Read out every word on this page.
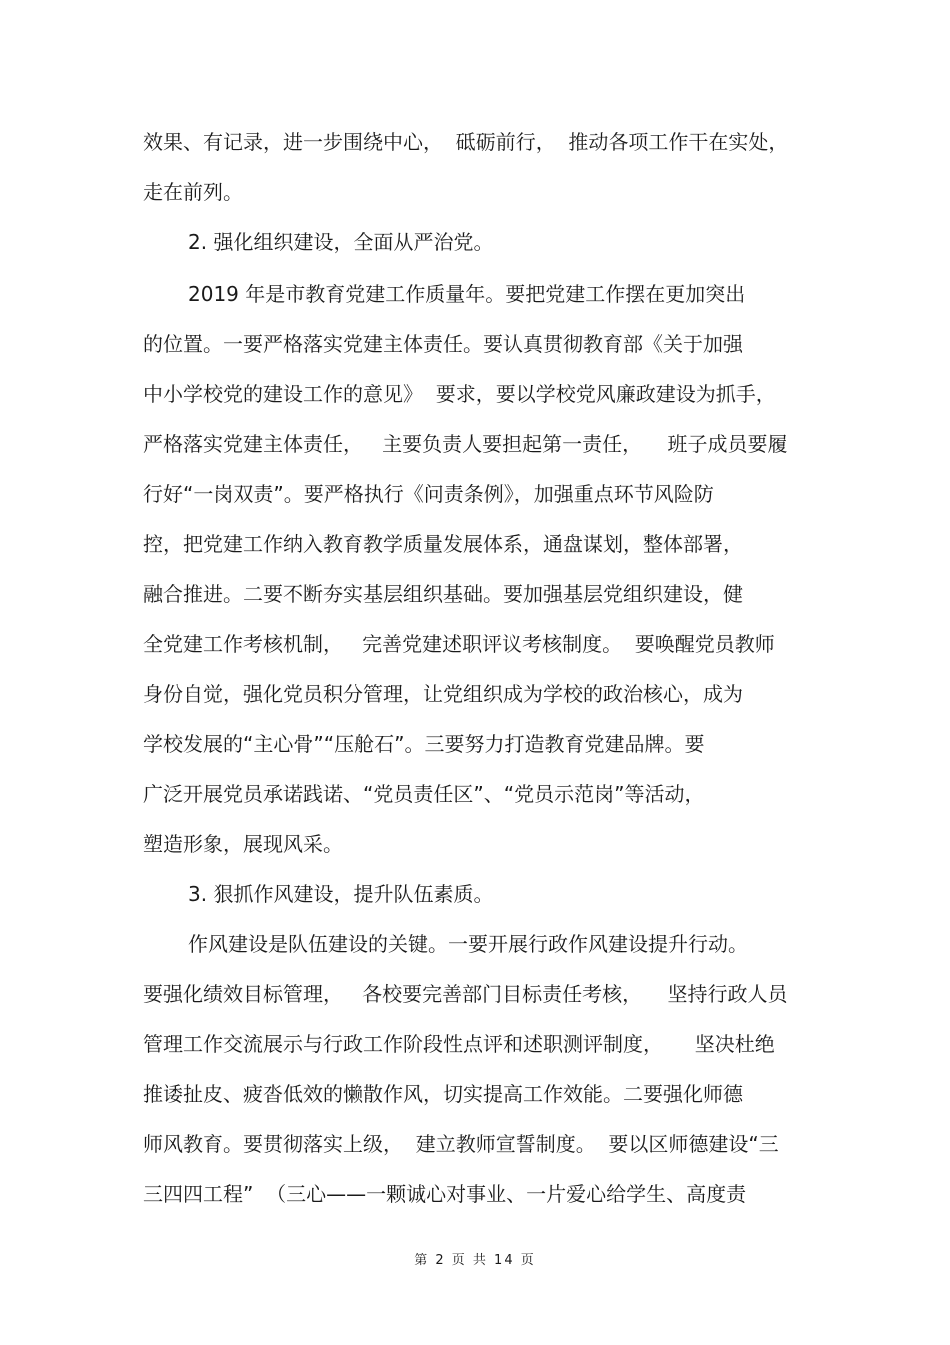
效果、有记录，进一步围绕中心，  砥砺前行，  推动各项工作干在实处，
走在前列。
2. 强化组织建设，全面从严治党。
2019 年是市教育党建工作质量年。要把党建工作摆在更加突出
的位置。一要严格落实党建主体责任。要认真贯彻教育部《关于加强
中小学校党的建设工作的意见》  要求，要以学校党风廉政建设为抓手，
严格落实党建主体责任，   主要负责人要担起第一责任，    班子成员要履
行好“一岗双责”。要严格执行《问责条例》，加强重点环节风险防
控，把党建工作纳入教育教学质量发展体系，通盘谋划，整体部署，
融合推进。二要不断夯实基层组织基础。要加强基层党组织建设，健
全党建工作考核机制，   完善党建述职评议考核制度。  要唤醒党员教师
身份自觉，强化党员积分管理，让党组织成为学校的政治核心，成为
学校发展的“主心骨”“压舱石”。三要努力打造教育党建品牌。要
广泛开展党员承诺践诺、“党员责任区”、“党员示范岗”等活动，
塑造形象，展现风采。
3. 狠抓作风建设，提升队伍素质。
作风建设是队伍建设的关键。一要开展行政作风建设提升行动。
要强化绩效目标管理，   各校要完善部门目标责任考核，    坚持行政人员
管理工作交流展示与行政工作阶段性点评和述职测评制度，     坚决杜绝
推诿扯皮、疲沓低效的懒散作风，切实提高工作效能。二要强化师德
师风教育。要贯彻落实上级，  建立教师宣誓制度。  要以区师德建设“三
三四四工程”  （三心——一颗诚心对事业、一片爱心给学生、高度责
第 2 页 共 14 页
